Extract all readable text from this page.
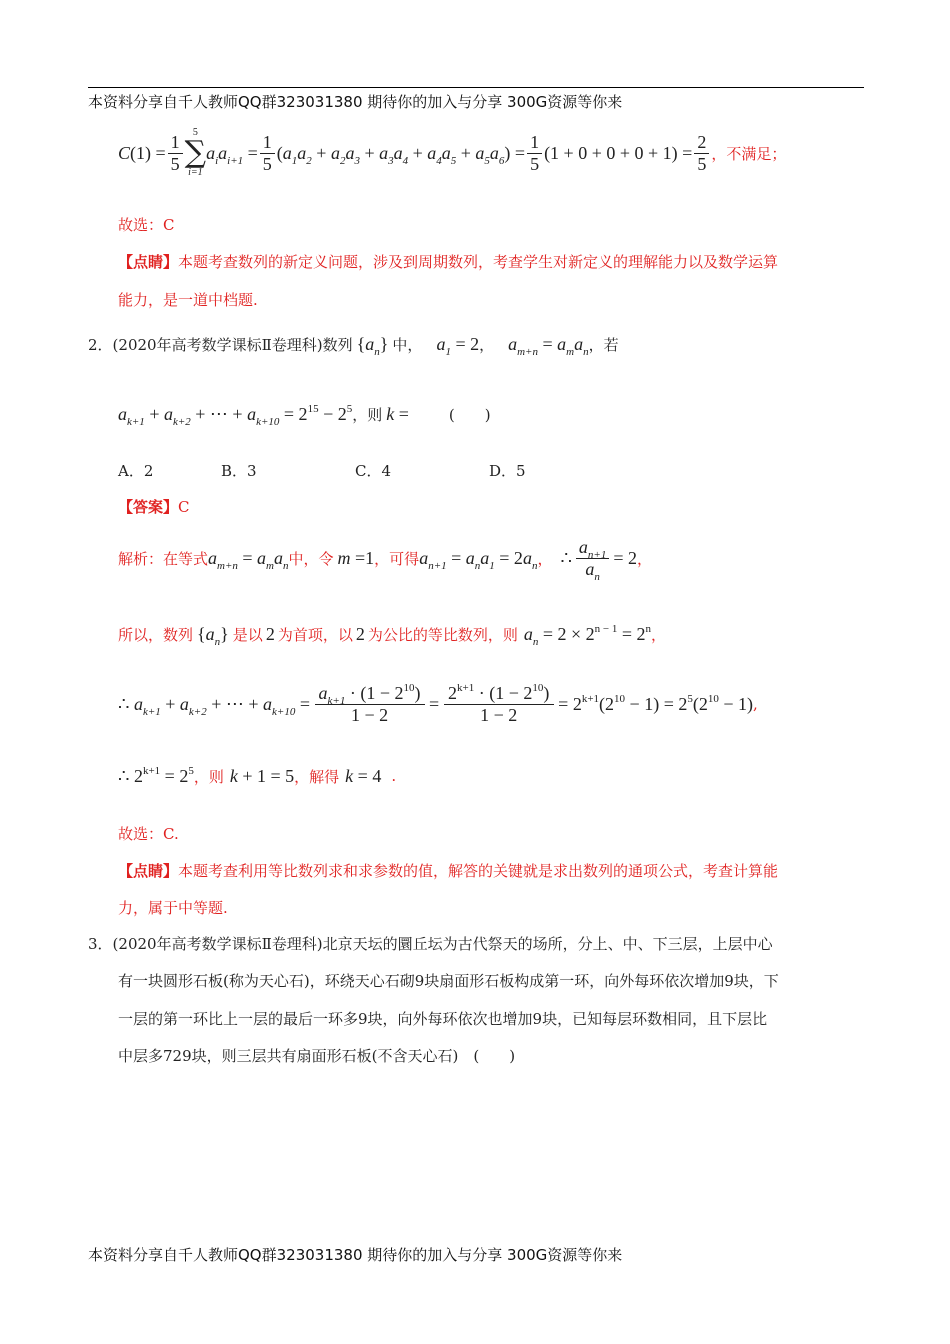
本资料分享自千人教师QQ群323031380 期待你的加入与分享 300G资源等你来
C $(1) = \frac{1}{5}$	5
∑
i=1
$a_ia_{i+1} = \frac{1}{5}$ ( $a_1a_2 + a_2a_3 + a_3a_4 + a_4a_5 + a_5a_6$ ) = $\frac{1}{5} (1 + 0 + 0 + 0 + 1) = \frac{2}{5}$ ，不满足；
故选：C
【点睛】本题考查数列的新定义问题，涉及到周期数列，考查学生对新定义的理解能力以及数学运算
能力，是一道中档题.
2． (2020年高考数学课标Ⅱ卷理科) 数列 $\{a_n\}$ 中， $a_1 = 2$ ， $a_{m+n} = a_ma_n$ ，若
$a_{k+1} + a_{k+2}$ + ⋯ + $a_{k+10} = 2^{15} - 2^5$ ，则 k =	(　　)
A．2	B．3	C．4	D．5
【答案】C
解析：在等式 $a_{m+n} = a_ma_n$ 中，令 m =1 ，可得 $a_{n+1} = a_na_1 = 2$ $a_n$ ， ∴ $\frac{a_{n+1}}{a_n} = 2$ ，
所以，数列 $\{a_n\}$ 是以 2 为首项，以 2 为公比的等比数列，则 $a_n = 2 \times 2^{n - 1} = 2^n$ ，
∴ $a_{k+1} + a_{k+2}$ + ⋯ + $a_{k+10} = \frac{a_{k+1} \cdot (1 - 2^{10})}{1 - 2} = \frac{2^{k+1} \cdot (1 - 2^{10})}{1 - 2} = 2^{k+1}(2^{10} - 1) = 2^5(2^{10} - 1)$ ,
∴ $2^{k+1} = 2^5$ ，则 k + 1 = 5 ，解得 k = 4 .
故选：C.
【点睛】本题考查利用等比数列求和求参数的值，解答的关键就是求出数列的通项公式，考查计算能
力，属于中等题.
3．(2020年高考数学课标Ⅱ卷理科)北京天坛的圜丘坛为古代祭天的场所，分上、中、下三层，上层中心
有一块圆形石板(称为天心石)，环绕天心石砌9块扇面形石板构成第一环，向外每环依次增加9块，下
一层的第一环比上一层的最后一环多9块，向外每环依次也增加9块，已知每层环数相同，且下层比
中层多729块，则三层共有扇面形石板(不含天心石)　(　　)
本资料分享自千人教师QQ群323031380 期待你的加入与分享 300G资源等你来
